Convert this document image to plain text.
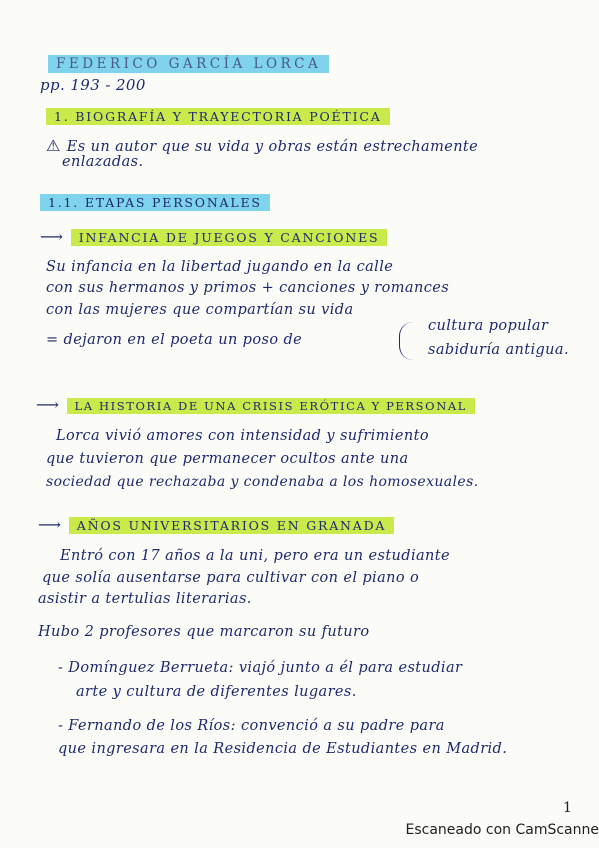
FEDERICO GARCÍA LORCA
pp. 193 - 200
1. BIOGRAFÍA Y TRAYECTORIA POÉTICA
⚠ Es un autor que su vida y obras están estrechamente
enlazadas.
1.1. ETAPAS PERSONALES
⟶ INFANCIA DE JUEGOS Y CANCIONES
Su infancia en la libertad jugando en la calle
con sus hermanos y primos + canciones y romances
con las mujeres que compartían su vida
= dejaron en el poeta un poso de
cultura popular
sabiduría antigua.
⟶ LA HISTORIA DE UNA CRISIS ERÓTICA Y PERSONAL
Lorca vivió amores con intensidad y sufrimiento
que tuvieron que permanecer ocultos ante una
sociedad que rechazaba y condenaba a los homosexuales.
⟶ AÑOS UNIVERSITARIOS EN GRANADA
Entró con 17 años a la uni, pero era un estudiante
que solía ausentarse para cultivar con el piano o
asistir a tertulias literarias.
Hubo 2 profesores que marcaron su futuro
- Domínguez Berrueta: viajó junto a él para estudiar
arte y cultura de diferentes lugares.
- Fernando de los Ríos: convenció a su padre para
que ingresara en la Residencia de Estudiantes en Madrid.
1
Escaneado con CamScanne
